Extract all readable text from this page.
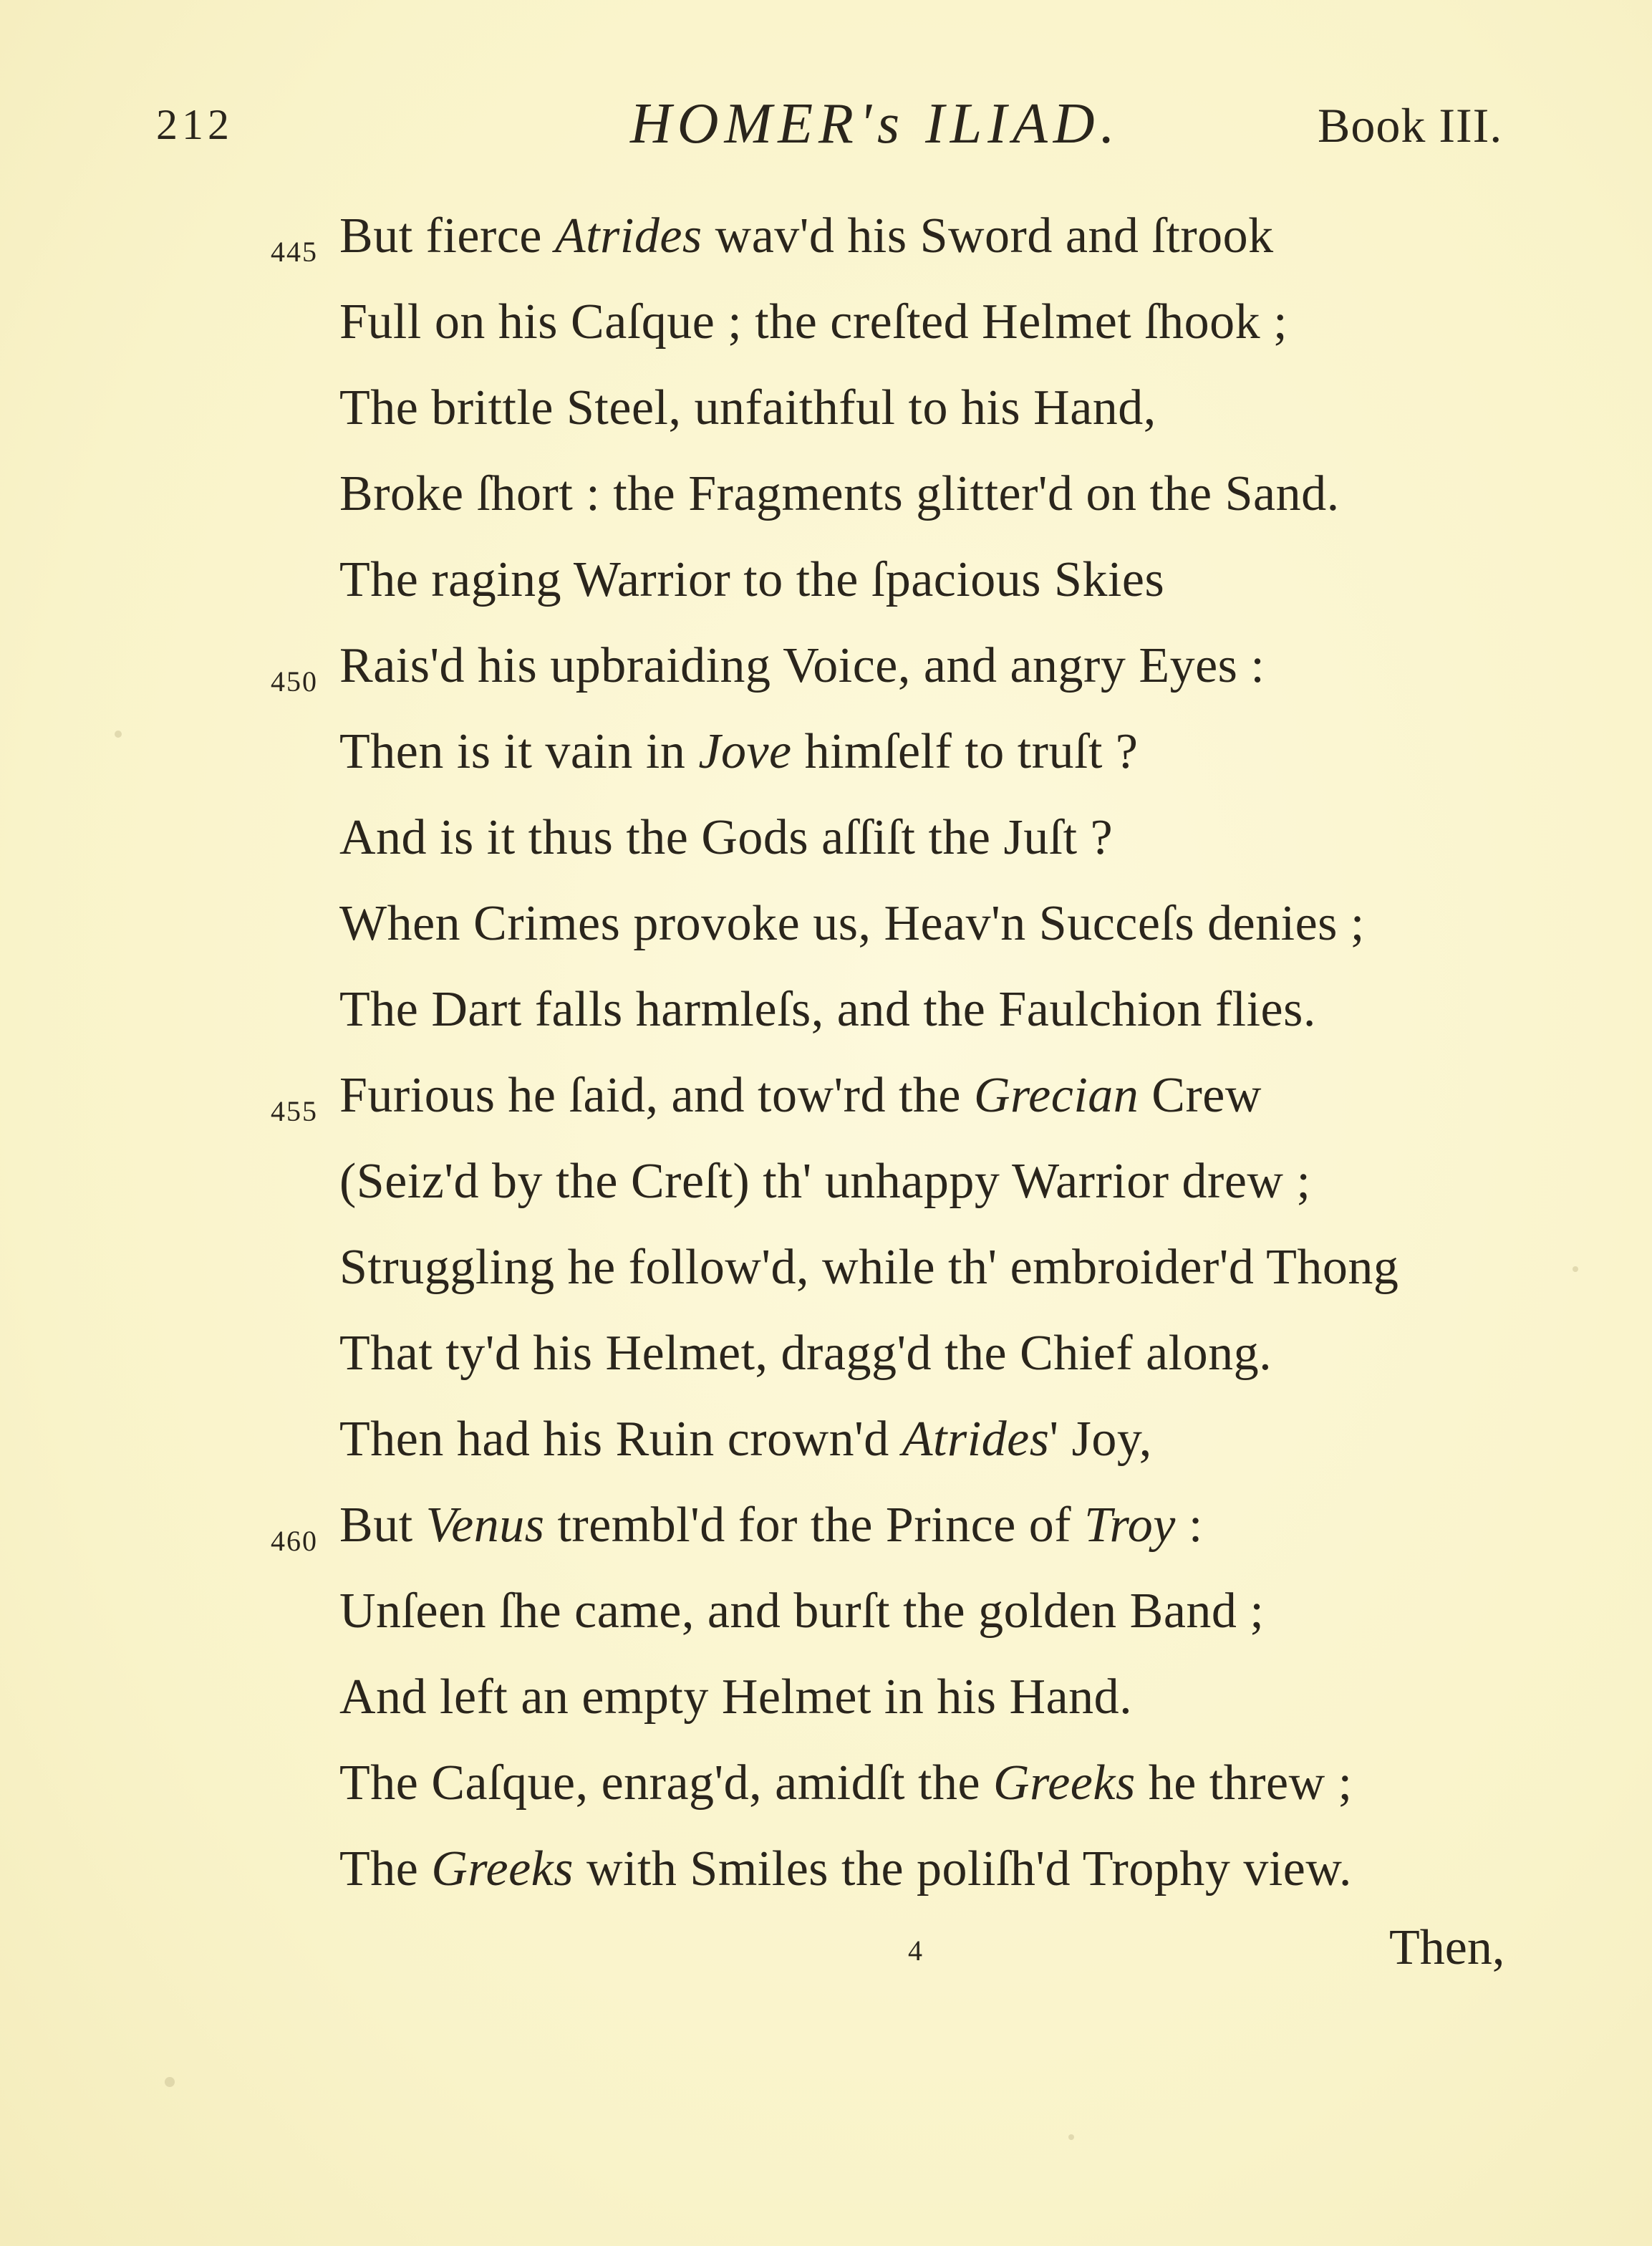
212	HOMER's ILIAD.	Book III.
445 But fierce Atrides wav'd his Sword and ſtrook
Full on his Caſque ; the creſted Helmet ſhook ;
The brittle Steel, unfaithful to his Hand,
Broke ſhort : the Fragments glitter'd on the Sand.
The raging Warrior to the ſpacious Skies
450 Rais'd his upbraiding Voice, and angry Eyes :
Then is it vain in Jove himſelf to truſt ?
And is it thus the Gods aſſiſt the Juſt ?
When Crimes provoke us, Heav'n Succeſs denies ;
The Dart falls harmleſs, and the Faulchion flies.
455 Furious he ſaid, and tow'rd the Grecian Crew
(Seiz'd by the Creſt) th' unhappy Warrior drew ;
Struggling he follow'd, while th' embroider'd Thong
That ty'd his Helmet, dragg'd the Chief along.
Then had his Ruin crown'd Atrides' Joy,
460 But Venus trembl'd for the Prince of Troy :
Unſeen ſhe came, and burſt the golden Band ;
And left an empty Helmet in his Hand.
The Caſque, enrag'd, amidſt the Greeks he threw ;
The Greeks with Smiles the poliſh'd Trophy view.
4	Then,
